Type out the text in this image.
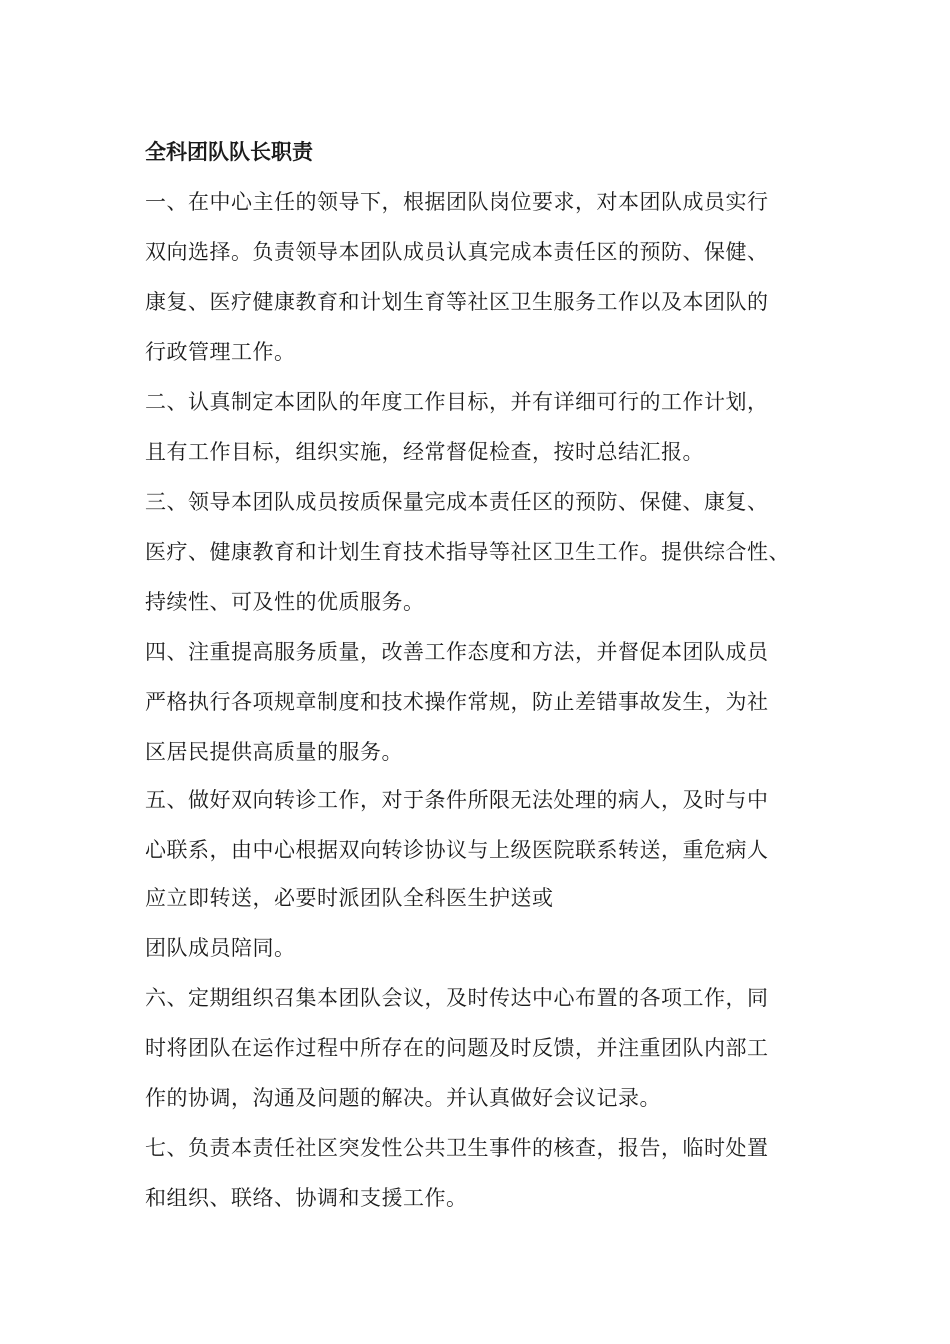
全科团队队长职责
一、在中心主任的领导下，根据团队岗位要求，对本团队成员实行
双向选择。负责领导本团队成员认真完成本责任区的预防、保健、
康复、医疗健康教育和计划生育等社区卫生服务工作以及本团队的
行政管理工作。
二、认真制定本团队的年度工作目标，并有详细可行的工作计划，
且有工作目标，组织实施，经常督促检查，按时总结汇报。
三、领导本团队成员按质保量完成本责任区的预防、保健、康复、
医疗、健康教育和计划生育技术指导等社区卫生工作。提供综合性、
持续性、可及性的优质服务。
四、注重提高服务质量，改善工作态度和方法，并督促本团队成员
严格执行各项规章制度和技术操作常规，防止差错事故发生，为社
区居民提供高质量的服务。
五、做好双向转诊工作，对于条件所限无法处理的病人，及时与中
心联系，由中心根据双向转诊协议与上级医院联系转送，重危病人
应立即转送，必要时派团队全科医生护送或
团队成员陪同。
六、定期组织召集本团队会议，及时传达中心布置的各项工作，同
时将团队在运作过程中所存在的问题及时反馈，并注重团队内部工
作的协调，沟通及问题的解决。并认真做好会议记录。
七、负责本责任社区突发性公共卫生事件的核查，报告，临时处置
和组织、联络、协调和支援工作。
